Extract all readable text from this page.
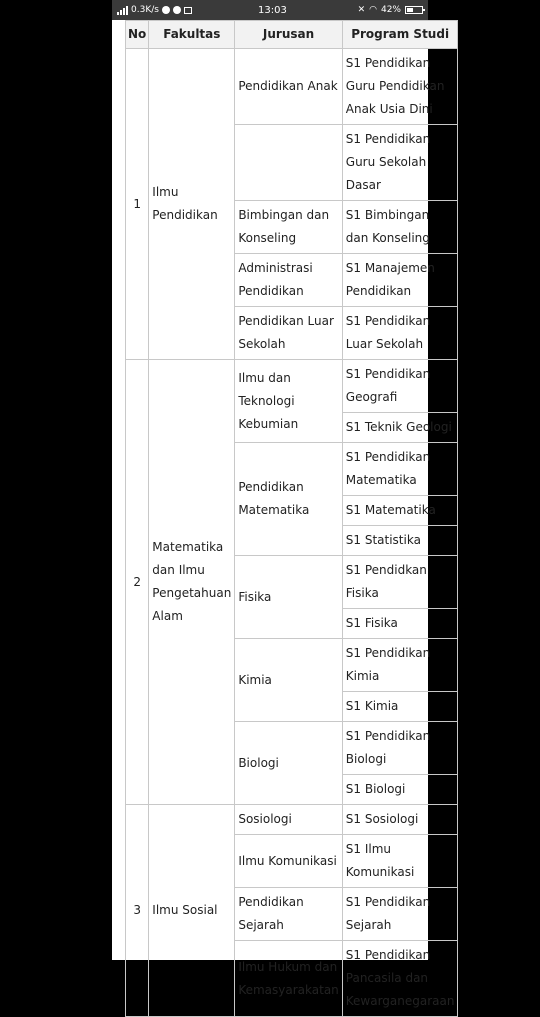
0.3K/s	13:03	✕ ◠ 42%
No	Fakultas	Jurusan	Program Studi
1	Ilmu Pendidikan	Pendidikan Anak	S1 Pendidikan Guru Pendidikan Anak Usia Dini
			S1 Pendidikan Guru Sekolah Dasar
		Bimbingan dan Konseling	S1 Bimbingan dan Konseling
		Administrasi Pendidikan	S1 Manajemen Pendidikan
		Pendidikan Luar Sekolah	S1 Pendidikan Luar Sekolah
2	Matematika dan Ilmu Pengetahuan Alam	Ilmu dan Teknologi Kebumian	S1 Pendidikan Geografi
			S1 Teknik Geologi
		Pendidikan Matematika	S1 Pendidikan Matematika
			S1 Matematika
			S1 Statistika
		Fisika	S1 Pendidkan Fisika
			S1 Fisika
		Kimia	S1 Pendidikan Kimia
			S1 Kimia
		Biologi	S1 Pendidikan Biologi
			S1 Biologi
3	Ilmu Sosial	Sosiologi	S1 Sosiologi
		Ilmu Komunikasi	S1 Ilmu Komunikasi
		Pendidikan Sejarah	S1 Pendidikan Sejarah
		Ilmu Hukum dan Kemasyarakatan	S1 Pendidikan Pancasila dan Kewarganegaraan
